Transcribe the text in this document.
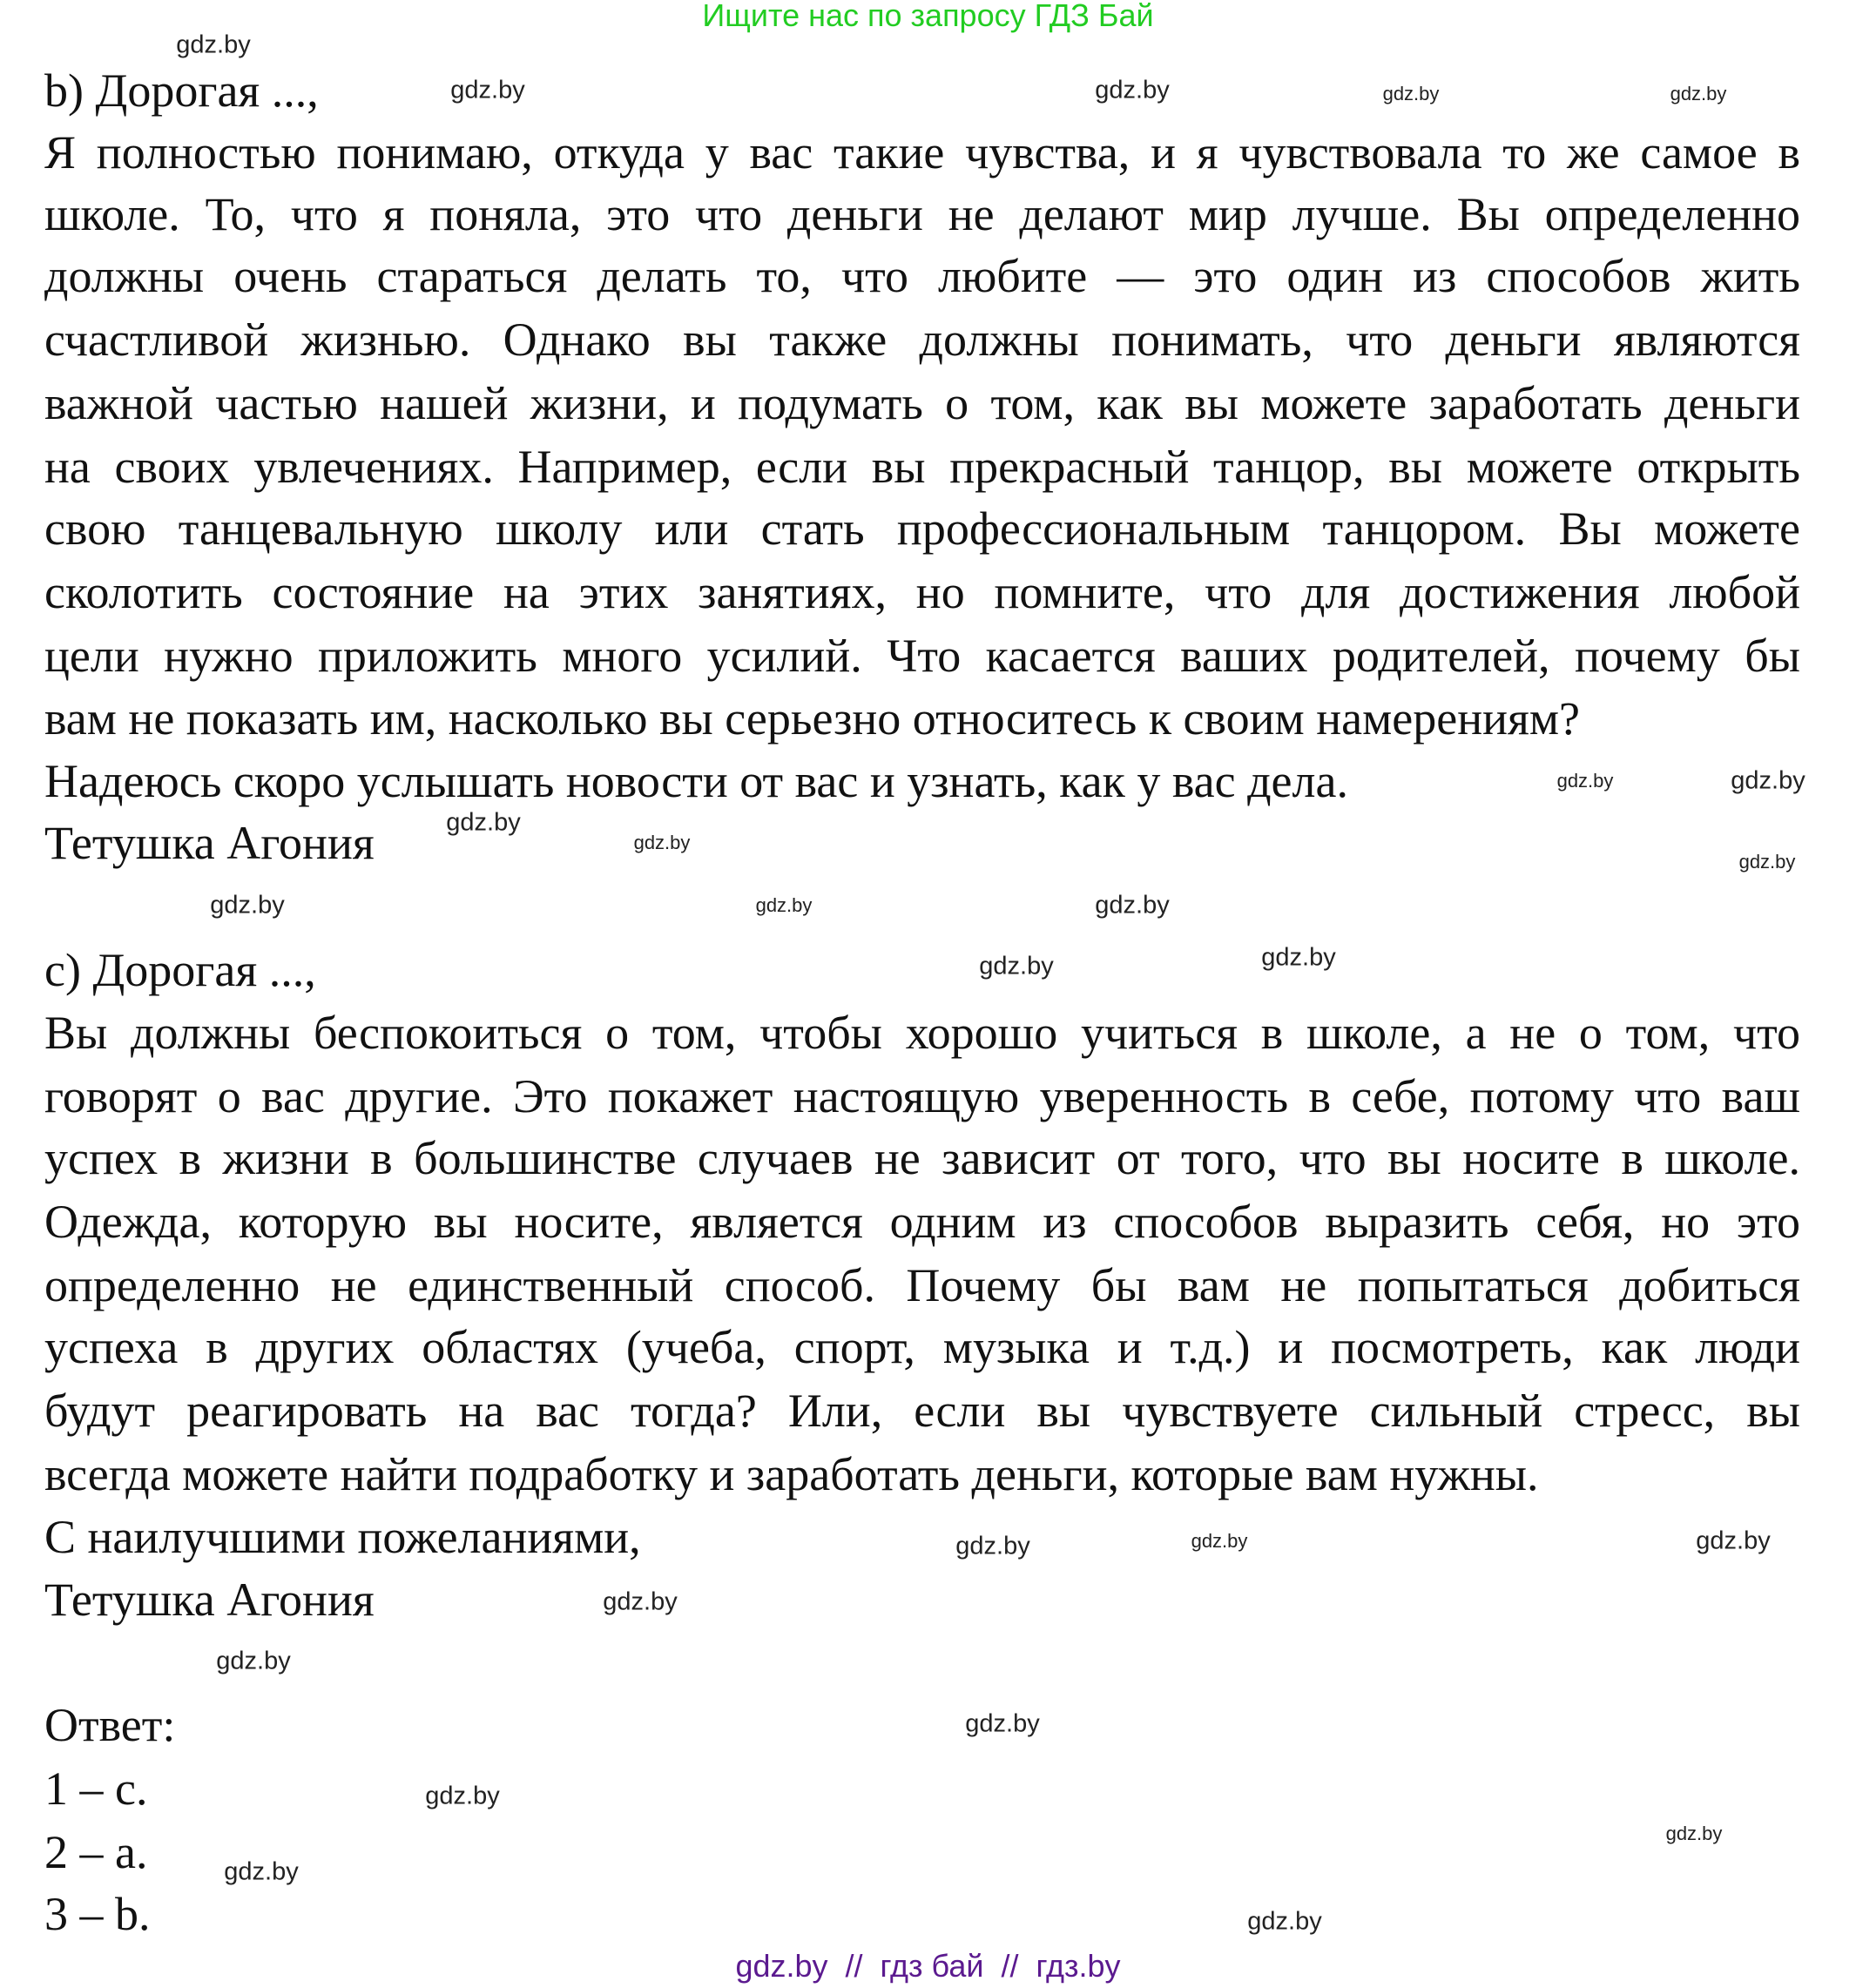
Ищите нас по запросу ГДЗ Бай
b) Дорогая ...,
Я полностью понимаю, откуда у вас такие чувства, и я чувствовала то же самое в
школе. То, что я поняла, это что деньги не делают мир лучше. Вы определенно
должны очень стараться делать то, что любите — это один из способов жить
счастливой жизнью. Однако вы также должны понимать, что деньги являются
важной частью нашей жизни, и подумать о том, как вы можете заработать деньги
на своих увлечениях. Например, если вы прекрасный танцор, вы можете открыть
свою танцевальную школу или стать профессиональным танцором. Вы можете
сколотить состояние на этих занятиях, но помните, что для достижения любой
цели нужно приложить много усилий. Что касается ваших родителей, почему бы
вам не показать им, насколько вы серьезно относитесь к своим намерениям?
Надеюсь скоро услышать новости от вас и узнать, как у вас дела.
Тетушка Агония
c) Дорогая ...,
Вы должны беспокоиться о том, чтобы хорошо учиться в школе, а не о том, что
говорят о вас другие. Это покажет настоящую уверенность в себе, потому что ваш
успех в жизни в большинстве случаев не зависит от того, что вы носите в школе.
Одежда, которую вы носите, является одним из способов выразить себя, но это
определенно не единственный способ. Почему бы вам не попытаться добиться
успеха в других областях (учеба, спорт, музыка и т.д.) и посмотреть, как люди
будут реагировать на вас тогда? Или, если вы чувствуете сильный стресс, вы
всегда можете найти подработку и заработать деньги, которые вам нужны.
С наилучшими пожеланиями,
Тетушка Агония
Ответ:
1 – c.
2 – a.
3 – b.
gdz.by
gdz.by	gdz.by
gdz.by	gdz.by
gdz.by
gdz.by
gdz.by
gdz.by
gdz.by
gdz.by
gdz.by
gdz.by
gdz.by
gdz.by
gdz.by	gdz.by
gdz.by
gdz.by
gdz.by
gdz.by
gdz.by
gdz.by
gdz.by
gdz.by
gdz.by  //  гдз бай  //  гдз.by
